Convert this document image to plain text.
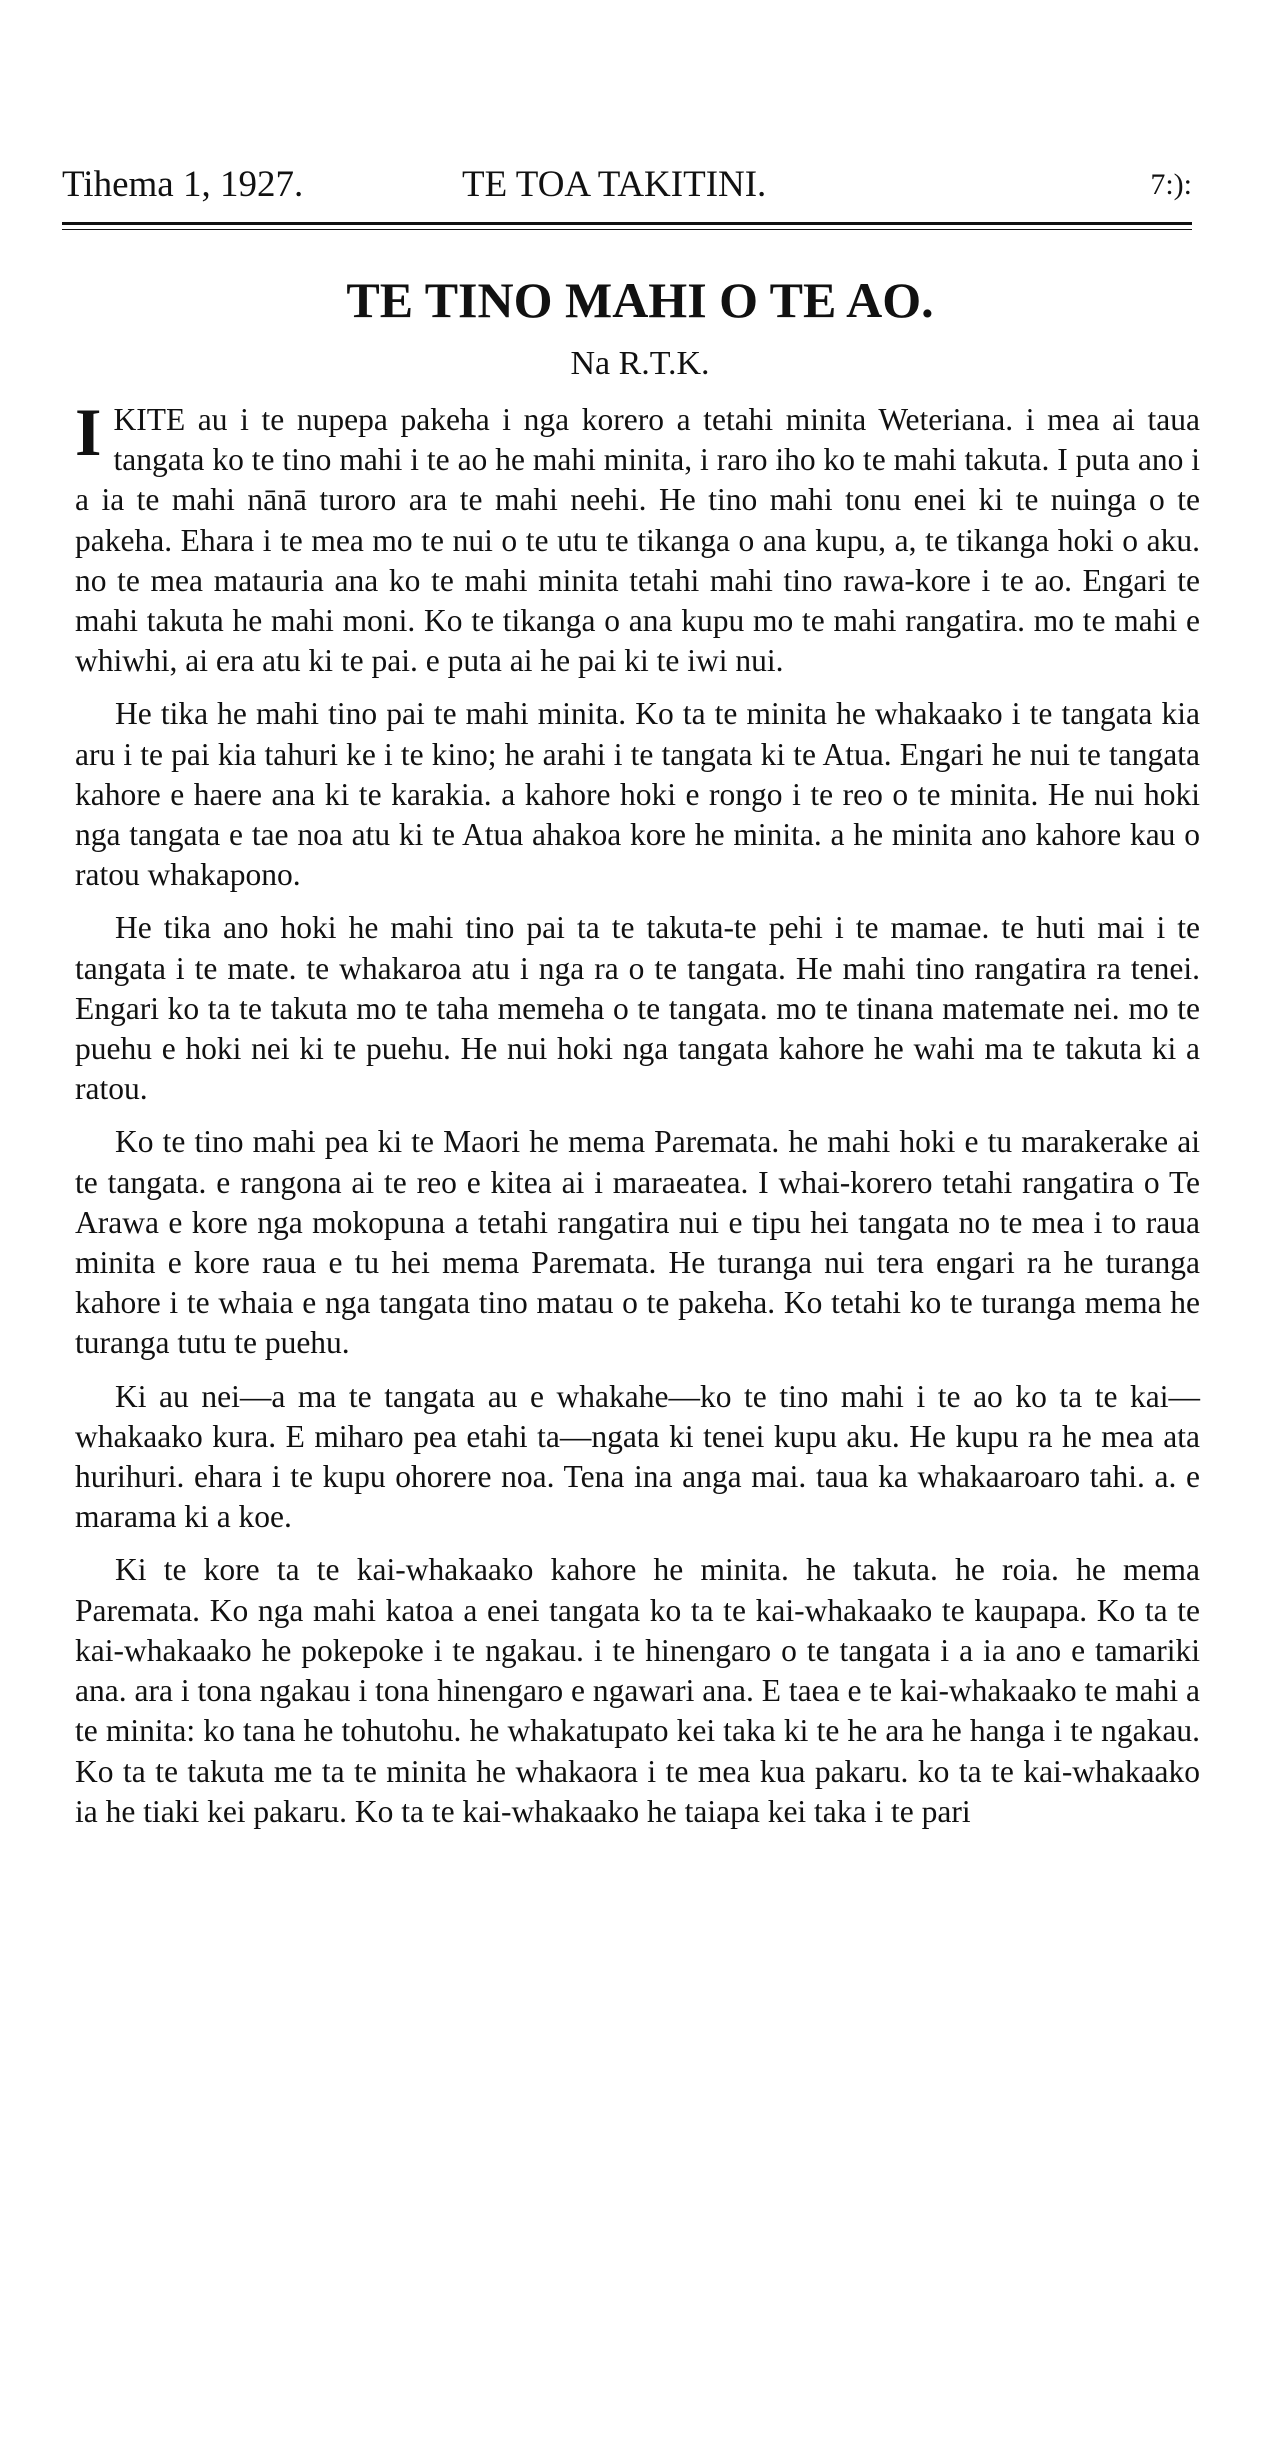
Tihema 1, 1927.	TE TOA TAKITINI.	7:):
TE TINO MAHI O TE AO.
Na R.T.K.

IKITE au i te nupepa pakeha i nga korero a tetahi minita Weteriana. i mea ai taua tangata ko te tino mahi i te ao he mahi minita, i raro iho ko te mahi takuta. I puta ano i a ia te mahi nānā turoro ara te mahi neehi. He tino mahi tonu enei ki te nuinga o te pakeha. Ehara i te mea mo te nui o te utu te tikanga o ana kupu, a, te tikanga hoki o aku. no te mea matauria ana ko te mahi minita tetahi mahi tino rawa-kore i te ao. Engari te mahi takuta he mahi moni. Ko te tikanga o ana kupu mo te mahi rangatira. mo te mahi e whiwhi, ai era atu ki te pai. e puta ai he pai ki te iwi nui.

He tika he mahi tino pai te mahi minita. Ko ta te minita he whakaako i te tangata kia aru i te pai kia tahuri ke i te kino; he arahi i te tangata ki te Atua. Engari he nui te tangata kahore e haere ana ki te karakia. a kahore hoki e rongo i te reo o te minita. He nui hoki nga tangata e tae noa atu ki te Atua ahakoa kore he minita. a he minita ano kahore kau o ratou whakapono.

He tika ano hoki he mahi tino pai ta te takuta-te pehi i te mamae. te huti mai i te tangata i te mate. te whakaroa atu i nga ra o te tangata. He mahi tino rangatira ra tenei. Engari ko ta te takuta mo te taha memeha o te tangata. mo te tinana matemate nei. mo te puehu e hoki nei ki te puehu. He nui hoki nga tangata kahore he wahi ma te takuta ki a ratou.

Ko te tino mahi pea ki te Maori he mema Paremata. he mahi hoki e tu marakerake ai te tangata. e rangona ai te reo e kitea ai i maraeatea. I whai-korero tetahi rangatira o Te Arawa e kore nga mokopuna a tetahi rangatira nui e tipu hei tangata no te mea i to raua minita e kore raua e tu hei mema Paremata. He turanga nui tera engari ra he turanga kahore i te whaia e nga tangata tino matau o te pakeha. Ko tetahi ko te turanga mema he turanga tutu te puehu.

Ki au nei—a ma te tangata au e whakahe—ko te tino mahi i te ao ko ta te kai—whakaako kura. E miharo pea etahi ta—ngata ki tenei kupu aku. He kupu ra he mea ata hurihuri. ehara i te kupu ohorere noa. Tena ina anga mai. taua ka whakaaroaro tahi. a. e marama ki a koe.

Ki te kore ta te kai-whakaako kahore he minita. he takuta. he roia. he mema Paremata. Ko nga mahi katoa a enei tangata ko ta te kai-whakaako te kaupapa. Ko ta te kai-whakaako he pokepoke i te ngakau. i te hinengaro o te tangata i a ia ano e tamariki ana. ara i tona ngakau i tona hinengaro e ngawari ana. E taea e te kai-whakaako te mahi a te minita: ko tana he tohutohu. he whakatupato kei taka ki te he ara he hanga i te ngakau. Ko ta te takuta me ta te minita he whakaora i te mea kua pakaru. ko ta te kai-whakaako ia he tiaki kei pakaru. Ko ta te kai-whakaako he taiapa kei taka i te pari
